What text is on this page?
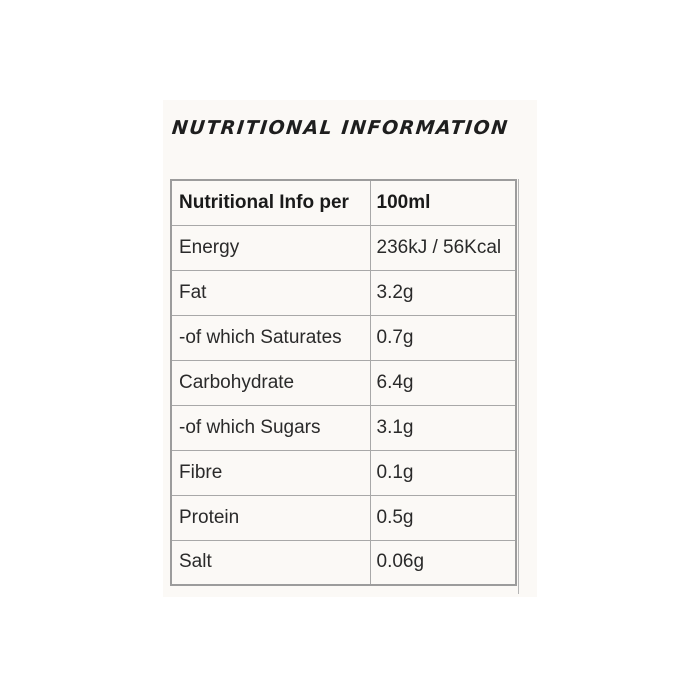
NUTRITIONAL INFORMATION
Nutritional Info per	100ml
Energy	236kJ / 56Kcal
Fat	3.2g
-of which Saturates	0.7g
Carbohydrate	6.4g
-of which Sugars	3.1g
Fibre	0.1g
Protein	0.5g
Salt	0.06g
